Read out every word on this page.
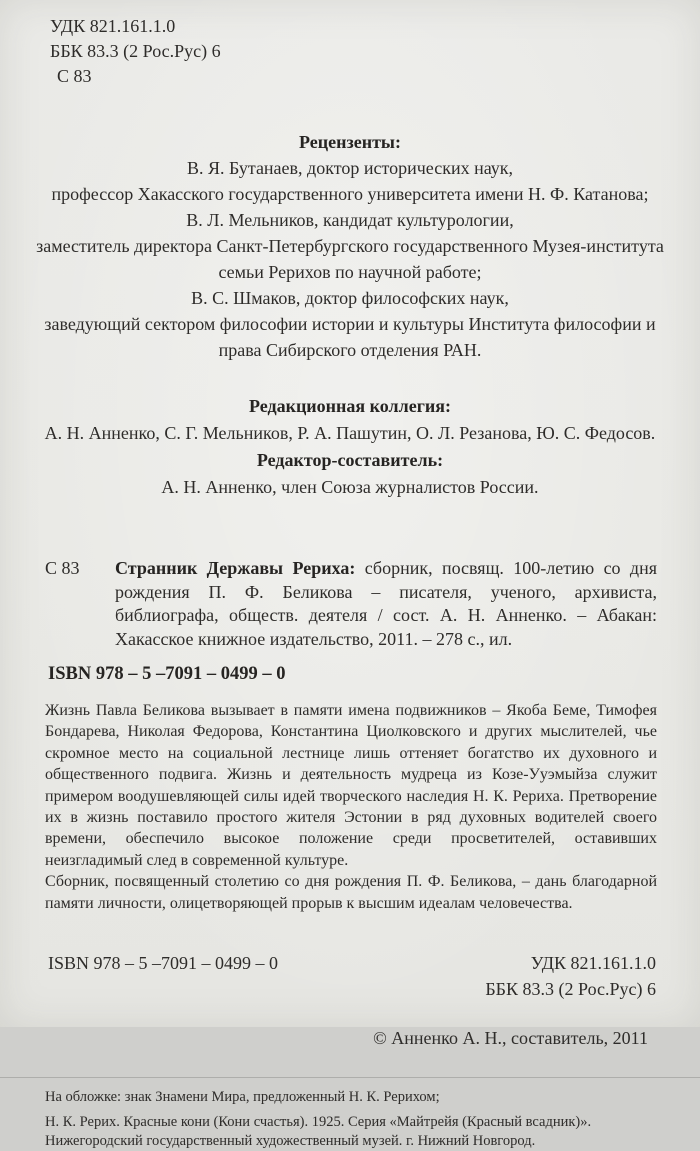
УДК 821.161.1.0
ББК 83.3 (2 Рос.Рус) 6
С 83
Рецензенты:
В. Я. Бутанаев, доктор исторических наук,
профессор Хакасского государственного университета имени Н. Ф. Катанова;
В. Л. Мельников, кандидат культурологии,
заместитель директора Санкт-Петербургского государственного Музея-института
семьи Рерихов по научной работе;
В. С. Шмаков, доктор философских наук,
заведующий сектором философии истории и культуры Института философии и
права Сибирского отделения РАН.
Редакционная коллегия:
А. Н. Анненко, С. Г. Мельников, Р. А. Пашутин, О. Л. Резанова, Ю. С. Федосов.
Редактор-составитель:
А. Н. Анненко, член Союза журналистов России.
С 83 Странник Державы Рериха: сборник, посвящ. 100-летию со дня рождения П. Ф. Беликова – писателя, ученого, архивиста, библиографа, обществ. деятеля / сост. А. Н. Анненко. – Абакан: Хакасское книжное издательство, 2011. – 278 с., ил.
ISBN 978 – 5 –7091 – 0499 – 0

Жизнь Павла Беликова вызывает в памяти имена подвижников – Якоба Беме, Тимофея Бондарева, Николая Федорова, Константина Циолковского и других мыслителей, чье скромное место на социальной лестнице лишь оттеняет богатство их духовного и общественного подвига. Жизнь и деятельность мудреца из Козе-Ууэмыйза служит примером воодушевляющей силы идей творческого наследия Н. К. Рериха. Претворение их в жизнь поставило простого жителя Эстонии в ряд духовных водителей своего времени, обеспечило высокое положение среди просветителей, оставивших неизгладимый след в современной культуре.

Сборник, посвященный столетию со дня рождения П. Ф. Беликова, – дань благодарной памяти личности, олицетворяющей прорыв к высшим идеалам человечества.

ISBN 978 – 5 –7091 – 0499 – 0	УДК 821.161.1.0
ББК 83.3 (2 Рос.Рус) 6
© Анненко А. Н., составитель, 2011
На обложке: знак Знамени Мира, предложенный Н. К. Рерихом;
Н. К. Рерих. Красные кони (Кони счастья). 1925. Серия «Майтрейя (Красный всадник)». Нижегородский государственный художественный музей. г. Нижний Новгород.
